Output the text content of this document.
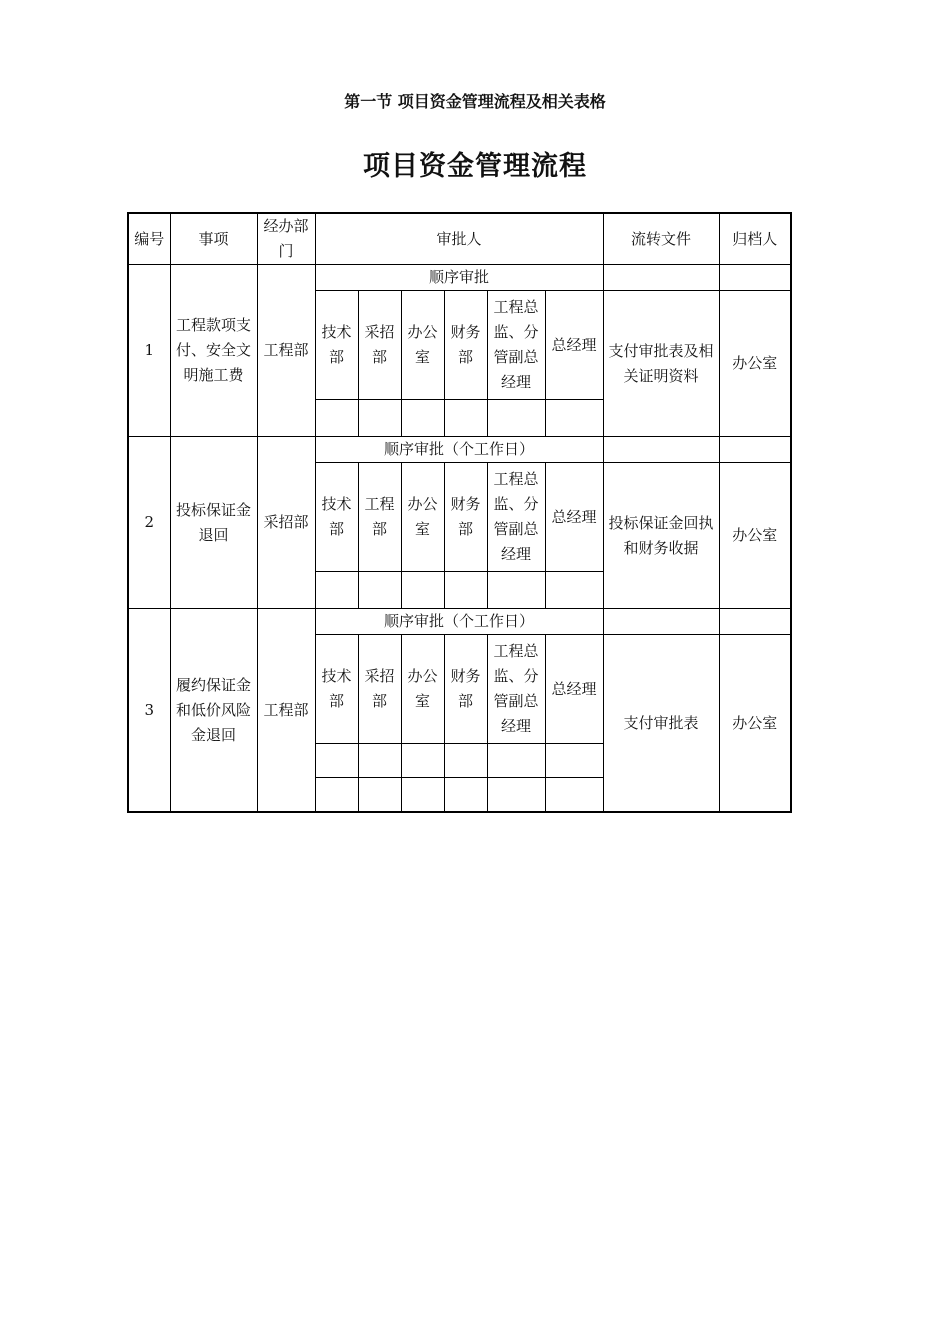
第一节 项目资金管理流程及相关表格
项目资金管理流程
编号	事项	经办部门	审批人						流转文件	归档人
1	工程款项支付、安全文明施工费	工程部	顺序审批							
			技术部	采招部	办公室	财务部	工程总监、分管副总经理	总经理	支付审批表及相关证明资料	办公室

2	投标保证金退回	采招部	顺序审批（个工作日）							
			技术部	工程部	办公室	财务部	工程总监、分管副总经理	总经理	投标保证金回执和财务收据	办公室

3	履约保证金和低价风险金退回	工程部	顺序审批（个工作日）							
			技术部	采招部	办公室	财务部	工程总监、分管副总经理	总经理	支付审批表	办公室
